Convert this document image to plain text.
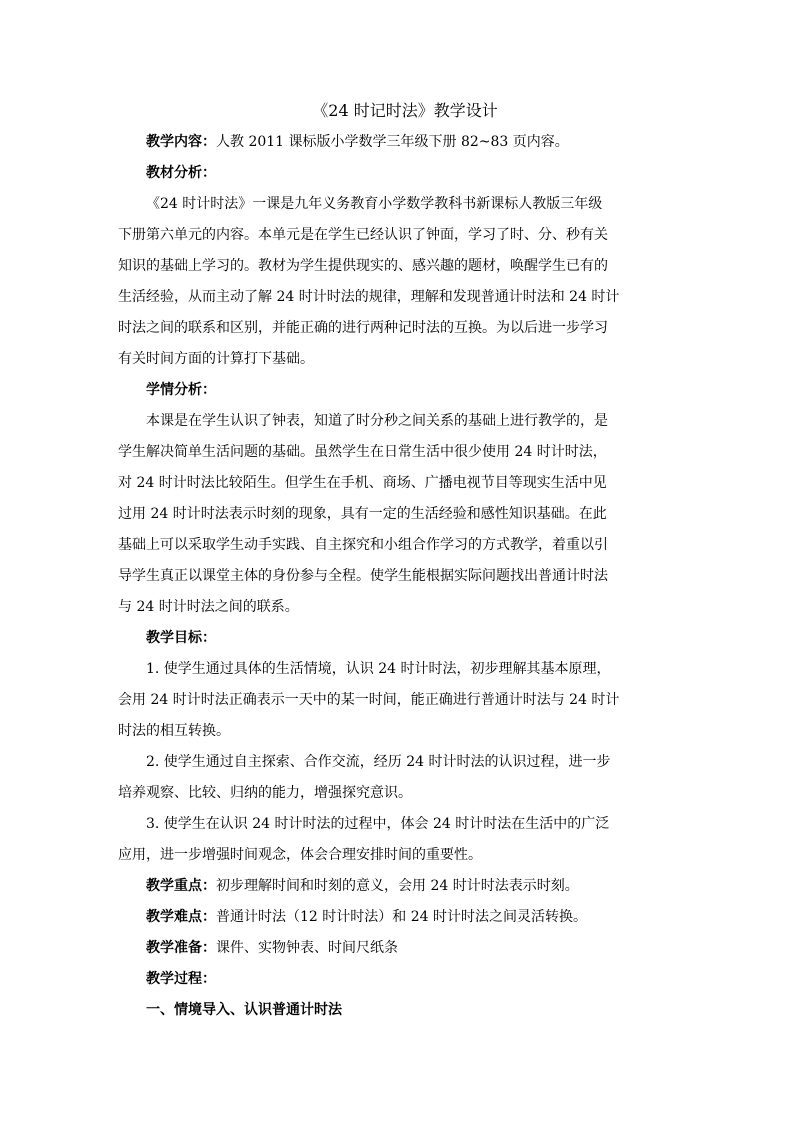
《24 时记时法》教学设计
教学内容：人教 2011 课标版小学数学三年级下册 82~83 页内容。
教材分析：
《24 时计时法》一课是九年义务教育小学数学教科书新课标人教版三年级
下册第六单元的内容。本单元是在学生已经认识了钟面，学习了时、分、秒有关
知识的基础上学习的。教材为学生提供现实的、感兴趣的题材，唤醒学生已有的
生活经验，从而主动了解 24 时计时法的规律，理解和发现普通计时法和 24 时计
时法之间的联系和区别，并能正确的进行两种记时法的互换。为以后进一步学习
有关时间方面的计算打下基础。
学情分析：
本课是在学生认识了钟表，知道了时分秒之间关系的基础上进行教学的，是
学生解决简单生活问题的基础。虽然学生在日常生活中很少使用 24 时计时法，
对 24 时计时法比较陌生。但学生在手机、商场、广播电视节目等现实生活中见
过用 24 时计时法表示时刻的现象，具有一定的生活经验和感性知识基础。在此
基础上可以采取学生动手实践、自主探究和小组合作学习的方式教学，着重以引
导学生真正以课堂主体的身份参与全程。使学生能根据实际问题找出普通计时法
与 24 时计时法之间的联系。
教学目标：
1. 使学生通过具体的生活情境，认识 24 时计时法，初步理解其基本原理，
会用 24 时计时法正确表示一天中的某一时间，能正确进行普通计时法与 24 时计
时法的相互转换。
2. 使学生通过自主探索、合作交流，经历 24 时计时法的认识过程，进一步
培养观察、比较、归纳的能力，增强探究意识。
3. 使学生在认识 24 时计时法的过程中，体会 24 时计时法在生活中的广泛
应用，进一步增强时间观念，体会合理安排时间的重要性。
教学重点：初步理解时间和时刻的意义，会用 24 时计时法表示时刻。
教学难点：普通计时法（12 时计时法）和 24 时计时法之间灵活转换。
教学准备：课件、实物钟表、时间尺纸条
教学过程：
一、情境导入、认识普通计时法
